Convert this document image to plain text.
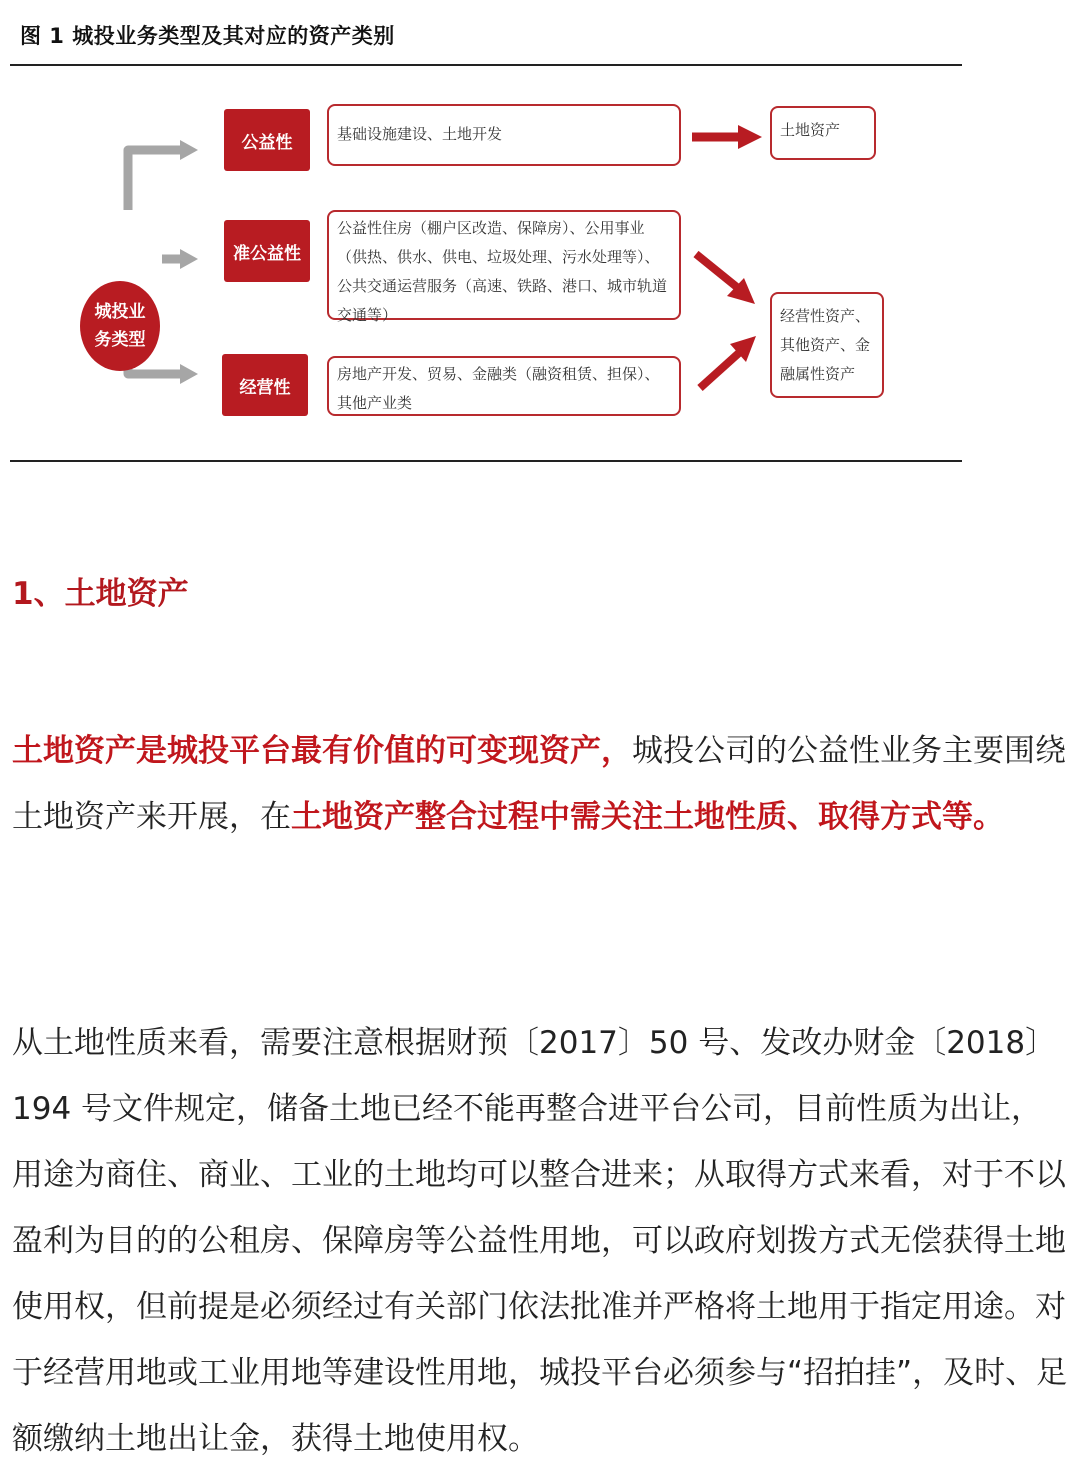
图 1 城投业务类型及其对应的资产类别
城投业务类型
公益性
准公益性
经营性
基础设施建设、土地开发
公益性住房（棚户区改造、保障房）、公用事业（供热、供水、供电、垃圾处理、污水处理等）、公共交通运营服务（高速、铁路、港口、城市轨道交通等）
房地产开发、贸易、金融类（融资租赁、担保）、其他产业类
土地资产
经营性资产、其他资产、金融属性资产
1、土地资产

土地资产是城投平台最有价值的可变现资产，城投公司的公益性业务主要围绕土地资产来开展，在土地资产整合过程中需关注土地性质、取得方式等。

从土地性质来看，需要注意根据财预〔2017〕50 号、发改办财金〔2018〕194 号文件规定，储备土地已经不能再整合进平台公司，目前性质为出让，用途为商住、商业、工业的土地均可以整合进来；从取得方式来看，对于不以盈利为目的的公租房、保障房等公益性用地，可以政府划拨方式无偿获得土地使用权，但前提是必须经过有关部门依法批准并严格将土地用于指定用途。对于经营用地或工业用地等建设性用地，城投平台必须参与“招拍挂”，及时、足额缴纳土地出让金，获得土地使用权。
